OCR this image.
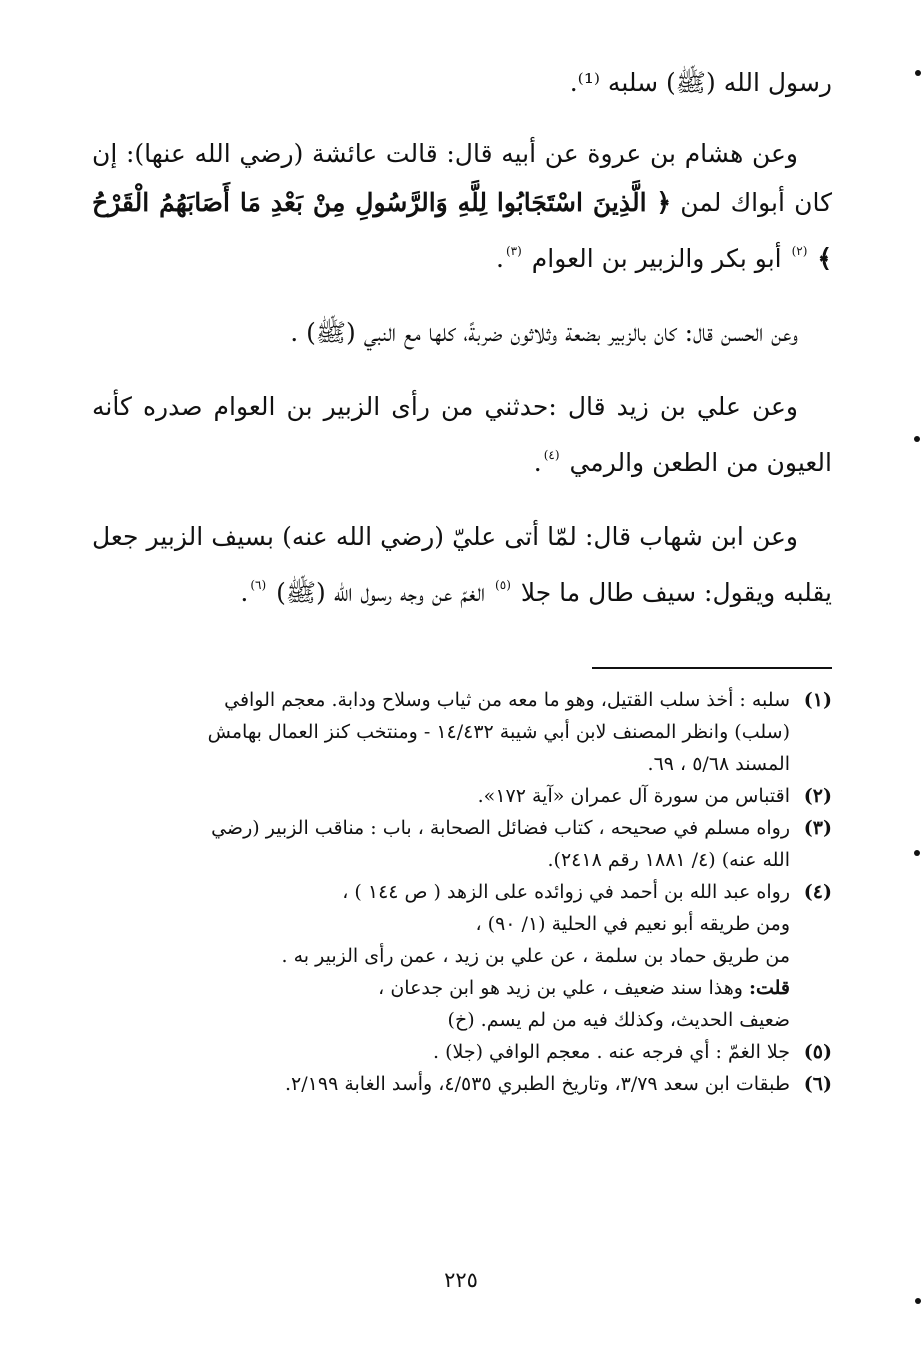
رسول الله (ﷺ) سلبه ⁽¹⁾.

وعن هشام بن عروة عن أبيه قال: قالت عائشة (رضي الله عنها): إن كان أبواك لمن ﴿ الَّذِينَ اسْتَجَابُوا لِلَّهِ وَالرَّسُولِ مِنْ بَعْدِ مَا أَصَابَهُمُ الْقَرْحُ ﴾ $^{(٢)}$ أبو بكر والزبير بن العوام $^{(٣)}$.

وعن الحسن قال: كان بالزبير بضعة وثلاثون ضربةً، كلها مع النبي (ﷺ) .

وعن علي بن زيد قال :حدثني من رأى الزبير بن العوام صدره كأنه العيون من الطعن والرمي $^{(٤)}$.

وعن ابن شهاب قال: لمّا أتى عليّ (رضي الله عنه) بسيف الزبير جعل يقلبه ويقول: سيف طال ما جلا $^{(٥)}$ الغمّ عن وجه رسول الله (ﷺ) $^{(٦)}$.

(١)
سلبه : أخذ سلب القتيل، وهو ما معه من ثياب وسلاح ودابة. معجم الوافي
(سلب) وانظر المصنف لابن أبي شيبة ١٤/٤٣٢ - ومنتخب كنز العمال بهامش
المسند ٥/٦٨ ، ٦٩.
(٢)
اقتباس من سورة آل عمران «آية ١٧٢».
(٣)
رواه مسلم في صحيحه ، كتاب فضائل الصحابة ، باب : مناقب الزبير (رضي
الله عنه) (٤/ ١٨٨١ رقم ٢٤١٨).
(٤)
رواه عبد الله بن أحمد في زوائده على الزهد ( ص ١٤٤ ) ،
ومن طريقه أبو نعيم في الحلية (١/ ٩٠) ،
من طريق حماد بن سلمة ، عن علي بن زيد ، عمن رأى الزبير به .
قلت: وهذا سند ضعيف ، علي بن زيد هو ابن جدعان ،
ضعيف الحديث، وكذلك فيه من لم يسم. (خ)
(٥)
جلا الغمّ : أي فرجه عنه . معجم الوافي (جلا) .
(٦)
طبقات ابن سعد ٣/٧٩، وتاريخ الطبري ٤/٥٣٥، وأسد الغابة ٢/١٩٩.
٢٢٥
